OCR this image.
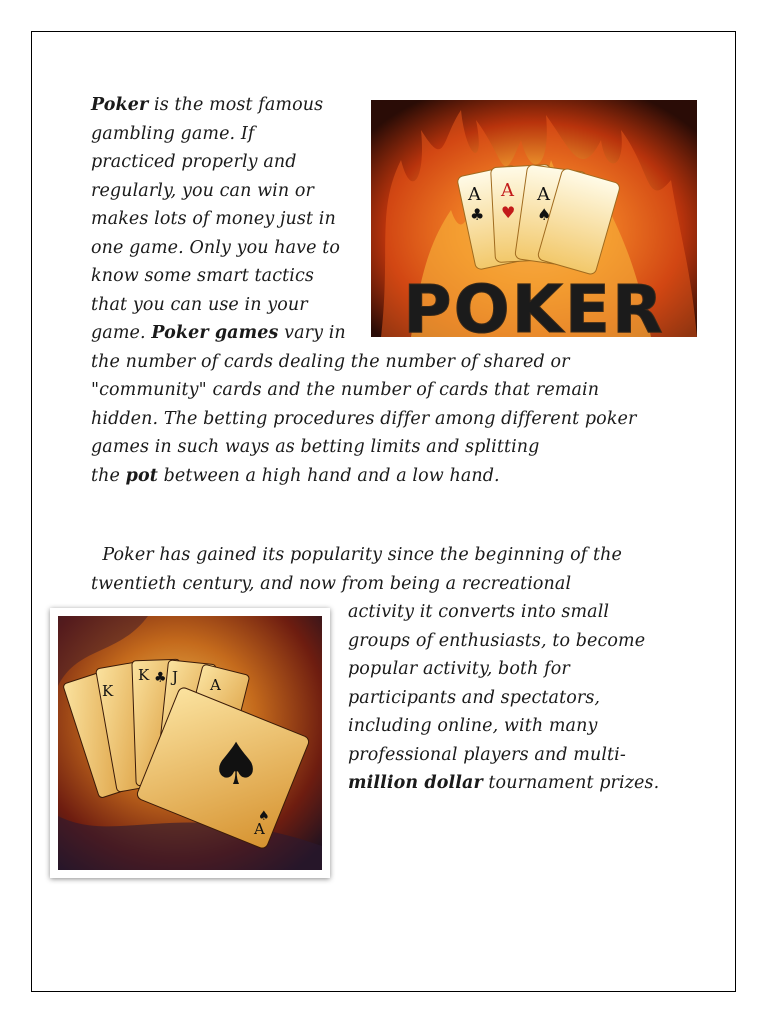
Poker is the most famous
gambling game. If
practiced properly and
regularly, you can win or
makes lots of money just in
one game. Only you have to
know some smart tactics
that you can use in your
game. Poker games vary in
the number of cards dealing the number of shared or
"community" cards and the number of cards that remain
hidden. The betting procedures differ among different poker
games in such ways as betting limits and splitting
the pot between a high hand and a low hand.

A
♣
A
♥
A
♠
POKER

Poker has gained its popularity since the beginning of the
twentieth century, and now from being a recreational
activity it converts into small
groups of enthusiasts, to become
popular activity, both for
participants and spectators,
including online, with many
professional players and multi-
million dollar tournament prizes.

K
K ♣ J A
♠
A
♠
